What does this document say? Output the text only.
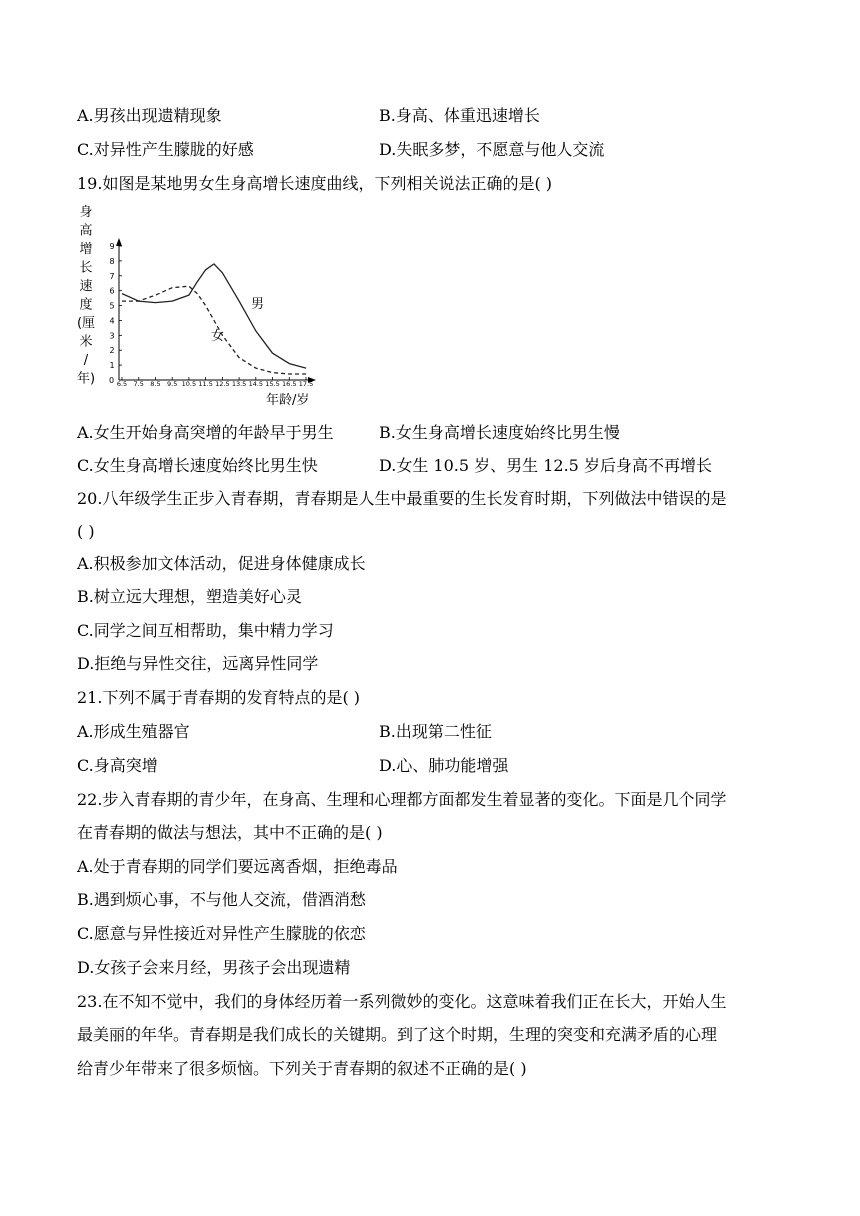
A.男孩出现遗精现象	B.身高、体重迅速增长
C.对异性产生朦胧的好感	D.失眠多梦，不愿意与他人交流
19.如图是某地男女生身高增长速度曲线，下列相关说法正确的是( )
身
高
增
长
速
度
(厘
米
/
年)
1
2
3
4
5
6
7
8
9
6.5 7.5 8.5 9.5 10.5 11.5 12.5 13.5 14.5 15.5 16.5 17.5
0
男
女
年龄/岁
A.女生开始身高突增的年龄早于男生	B.女生身高增长速度始终比男生慢
C.女生身高增长速度始终比男生快	D.女生 10.5 岁、男生 12.5 岁后身高不再增长
20.八年级学生正步入青春期，青春期是人生中最重要的生长发育时期，下列做法中错误的是
( )
A.积极参加文体活动，促进身体健康成长
B.树立远大理想，塑造美好心灵
C.同学之间互相帮助，集中精力学习
D.拒绝与异性交往，远离异性同学
21.下列不属于青春期的发育特点的是( )
A.形成生殖器官	B.出现第二性征
C.身高突增	D.心、肺功能增强
22.步入青春期的青少年，在身高、生理和心理都方面都发生着显著的变化。下面是几个同学
在青春期的做法与想法，其中不正确的是( )
A.处于青春期的同学们要远离香烟，拒绝毒品
B.遇到烦心事，不与他人交流，借酒消愁
C.愿意与异性接近对异性产生朦胧的依恋
D.女孩子会来月经，男孩子会出现遗精
23.在不知不觉中，我们的身体经历着一系列微妙的变化。这意味着我们正在长大，开始人生
最美丽的年华。青春期是我们成长的关键期。到了这个时期，生理的突变和充满矛盾的心理
给青少年带来了很多烦恼。下列关于青春期的叙述不正确的是( )
